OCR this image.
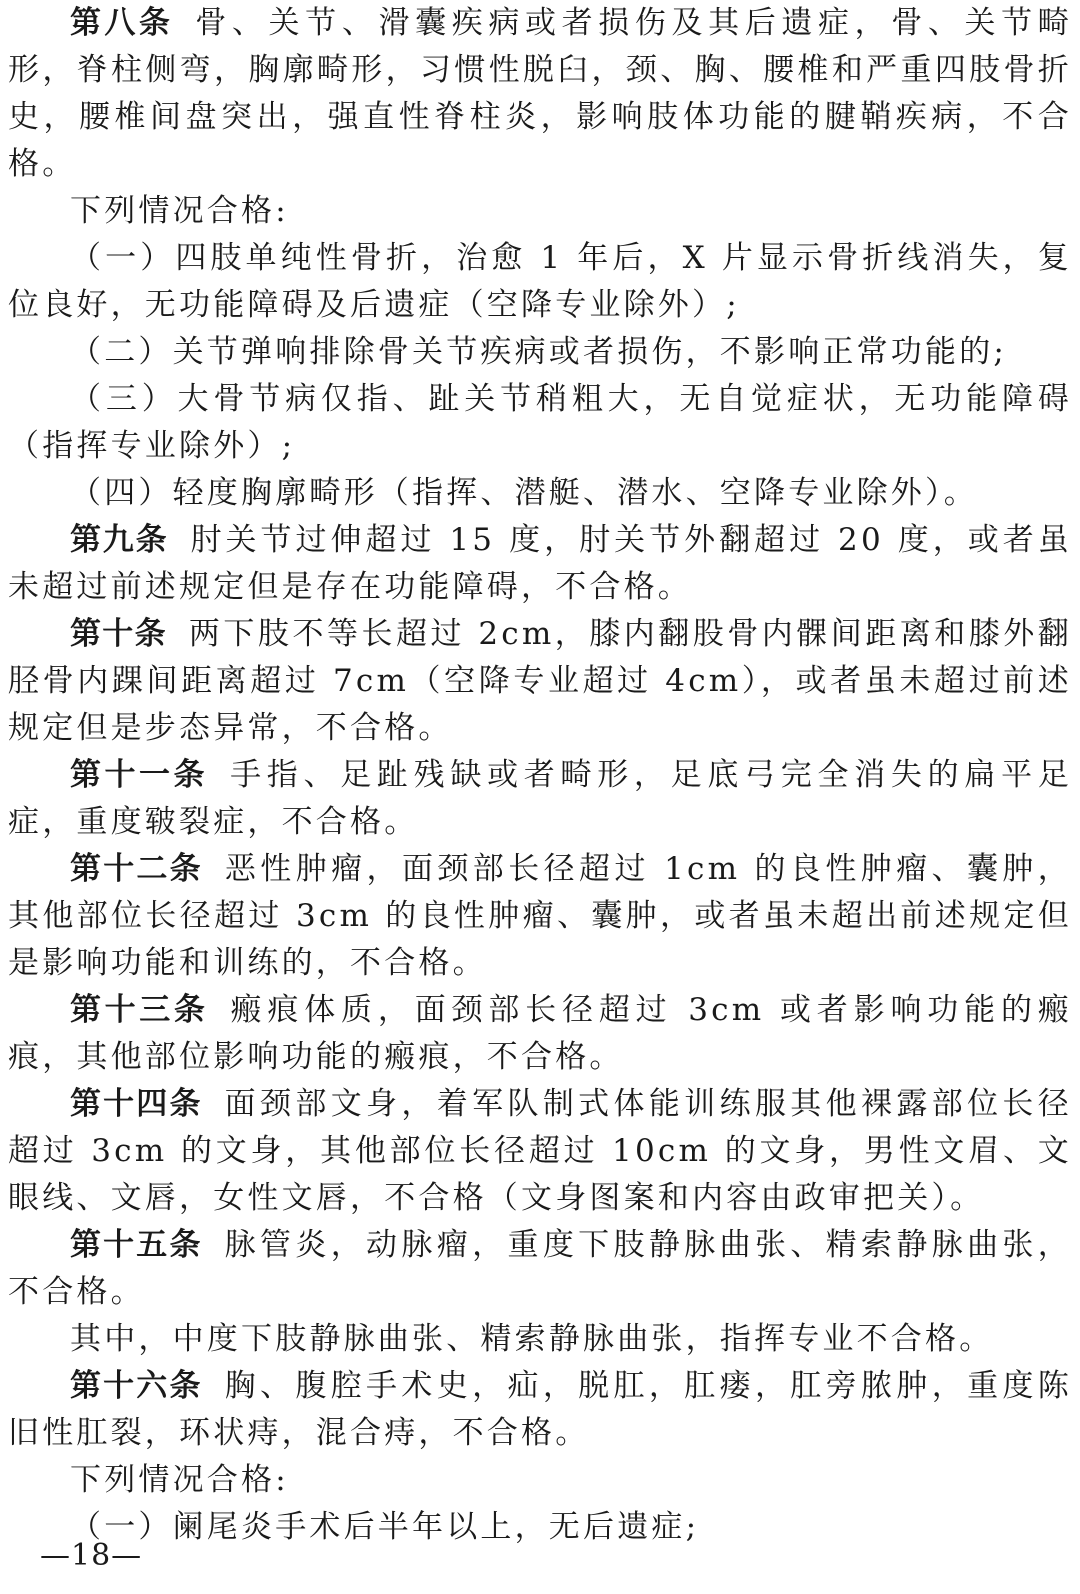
第八条 骨、关节、滑囊疾病或者损伤及其后遗症，骨、关节畸形，脊柱侧弯，胸廓畸形，习惯性脱臼，颈、胸、腰椎和严重四肢骨折史，腰椎间盘突出，强直性脊柱炎，影响肢体功能的腱鞘疾病，不合格。

下列情况合格:

（一）四肢单纯性骨折，治愈 1 年后，X 片显示骨折线消失，复位良好，无功能障碍及后遗症（空降专业除外）;

（二）关节弹响排除骨关节疾病或者损伤，不影响正常功能的;

（三）大骨节病仅指、趾关节稍粗大，无自觉症状，无功能障碍（指挥专业除外）;

（四）轻度胸廓畸形（指挥、潜艇、潜水、空降专业除外）。

第九条 肘关节过伸超过 15 度，肘关节外翻超过 20 度，或者虽未超过前述规定但是存在功能障碍，不合格。

第十条 两下肢不等长超过 2cm，膝内翻股骨内髁间距离和膝外翻胫骨内踝间距离超过 7cm（空降专业超过 4cm），或者虽未超过前述规定但是步态异常，不合格。

第十一条 手指、足趾残缺或者畸形，足底弓完全消失的扁平足症，重度皲裂症，不合格。

第十二条 恶性肿瘤，面颈部长径超过 1cm 的良性肿瘤、囊肿，其他部位长径超过 3cm 的良性肿瘤、囊肿，或者虽未超出前述规定但是影响功能和训练的，不合格。

第十三条 瘢痕体质，面颈部长径超过 3cm 或者影响功能的瘢痕，其他部位影响功能的瘢痕，不合格。

第十四条 面颈部文身，着军队制式体能训练服其他裸露部位长径超过 3cm 的文身，其他部位长径超过 10cm 的文身，男性文眉、文眼线、文唇，女性文唇，不合格（文身图案和内容由政审把关）。

第十五条 脉管炎，动脉瘤，重度下肢静脉曲张、精索静脉曲张，不合格。

其中，中度下肢静脉曲张、精索静脉曲张，指挥专业不合格。

第十六条 胸、腹腔手术史，疝，脱肛，肛瘘，肛旁脓肿，重度陈旧性肛裂，环状痔，混合痔，不合格。

下列情况合格:

（一）阑尾炎手术后半年以上，无后遗症;

—18—
